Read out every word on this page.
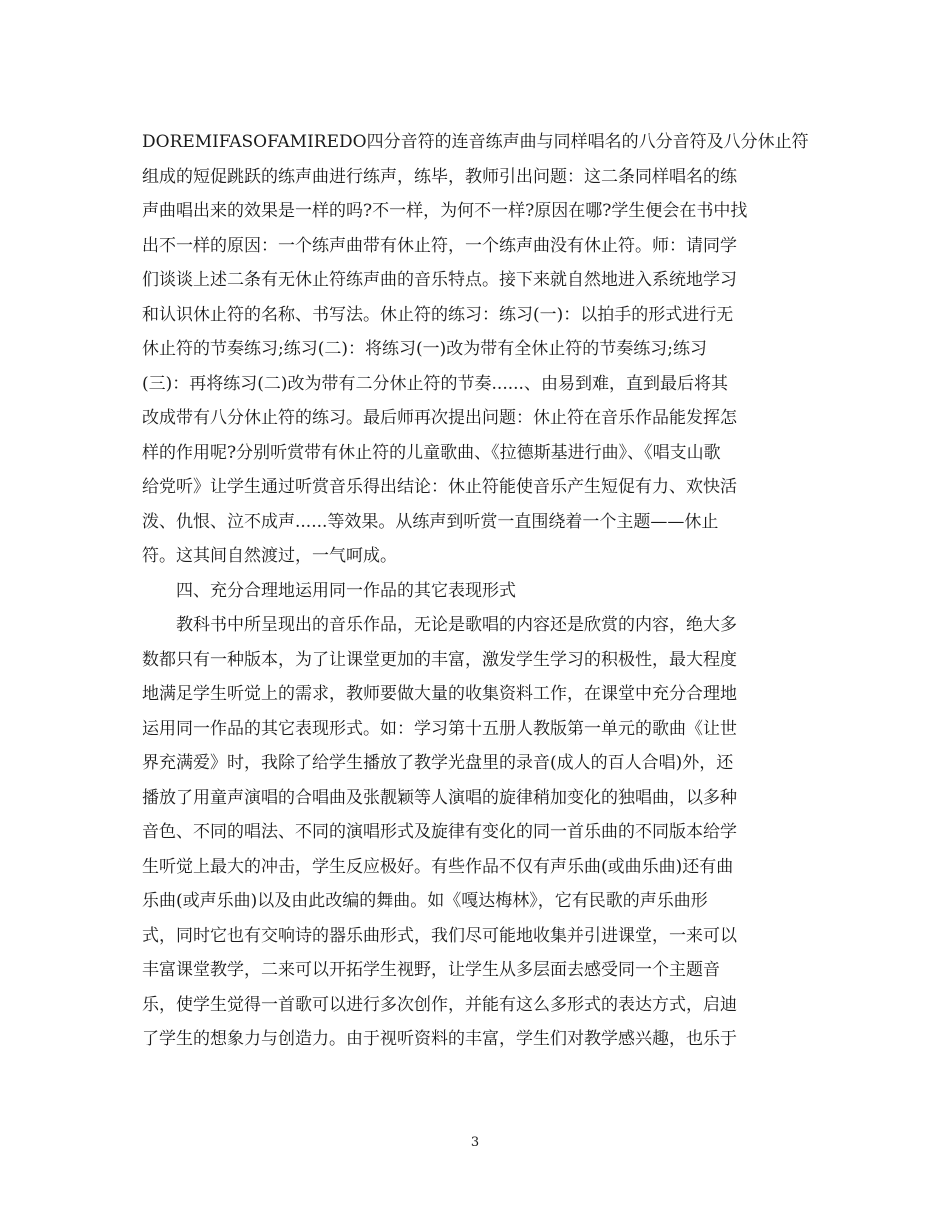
DOREMIFASOFAMIREDO四分音符的连音练声曲与同样唱名的八分音符及八分休止符
组成的短促跳跃的练声曲进行练声，练毕，教师引出问题：这二条同样唱名的练
声曲唱出来的效果是一样的吗?不一样，为何不一样?原因在哪?学生便会在书中找
出不一样的原因：一个练声曲带有休止符，一个练声曲没有休止符。师：请同学
们谈谈上述二条有无休止符练声曲的音乐特点。接下来就自然地进入系统地学习
和认识休止符的名称、书写法。休止符的练习：练习(一)：以拍手的形式进行无
休止符的节奏练习;练习(二)：将练习(一)改为带有全休止符的节奏练习;练习
(三)：再将练习(二)改为带有二分休止符的节奏......、由易到难，直到最后将其
改成带有八分休止符的练习。最后师再次提出问题：休止符在音乐作品能发挥怎
样的作用呢?分别听赏带有休止符的儿童歌曲、《拉德斯基进行曲》、《唱支山歌
给党听》让学生通过听赏音乐得出结论：休止符能使音乐产生短促有力、欢快活
泼、仇恨、泣不成声......等效果。从练声到听赏一直围绕着一个主题——休止
符。这其间自然渡过，一气呵成。
四、充分合理地运用同一作品的其它表现形式
教科书中所呈现出的音乐作品，无论是歌唱的内容还是欣赏的内容，绝大多
数都只有一种版本，为了让课堂更加的丰富，激发学生学习的积极性，最大程度
地满足学生听觉上的需求，教师要做大量的收集资料工作，在课堂中充分合理地
运用同一作品的其它表现形式。如：学习第十五册人教版第一单元的歌曲《让世
界充满爱》时，我除了给学生播放了教学光盘里的录音(成人的百人合唱)外，还
播放了用童声演唱的合唱曲及张靓颖等人演唱的旋律稍加变化的独唱曲，以多种
音色、不同的唱法、不同的演唱形式及旋律有变化的同一首乐曲的不同版本给学
生听觉上最大的冲击，学生反应极好。有些作品不仅有声乐曲(或曲乐曲)还有曲
乐曲(或声乐曲)以及由此改编的舞曲。如《嘎达梅林》，它有民歌的声乐曲形
式，同时它也有交响诗的器乐曲形式，我们尽可能地收集并引进课堂，一来可以
丰富课堂教学，二来可以开拓学生视野，让学生从多层面去感受同一个主题音
乐，使学生觉得一首歌可以进行多次创作，并能有这么多形式的表达方式，启迪
了学生的想象力与创造力。由于视听资料的丰富，学生们对教学感兴趣，也乐于
3
